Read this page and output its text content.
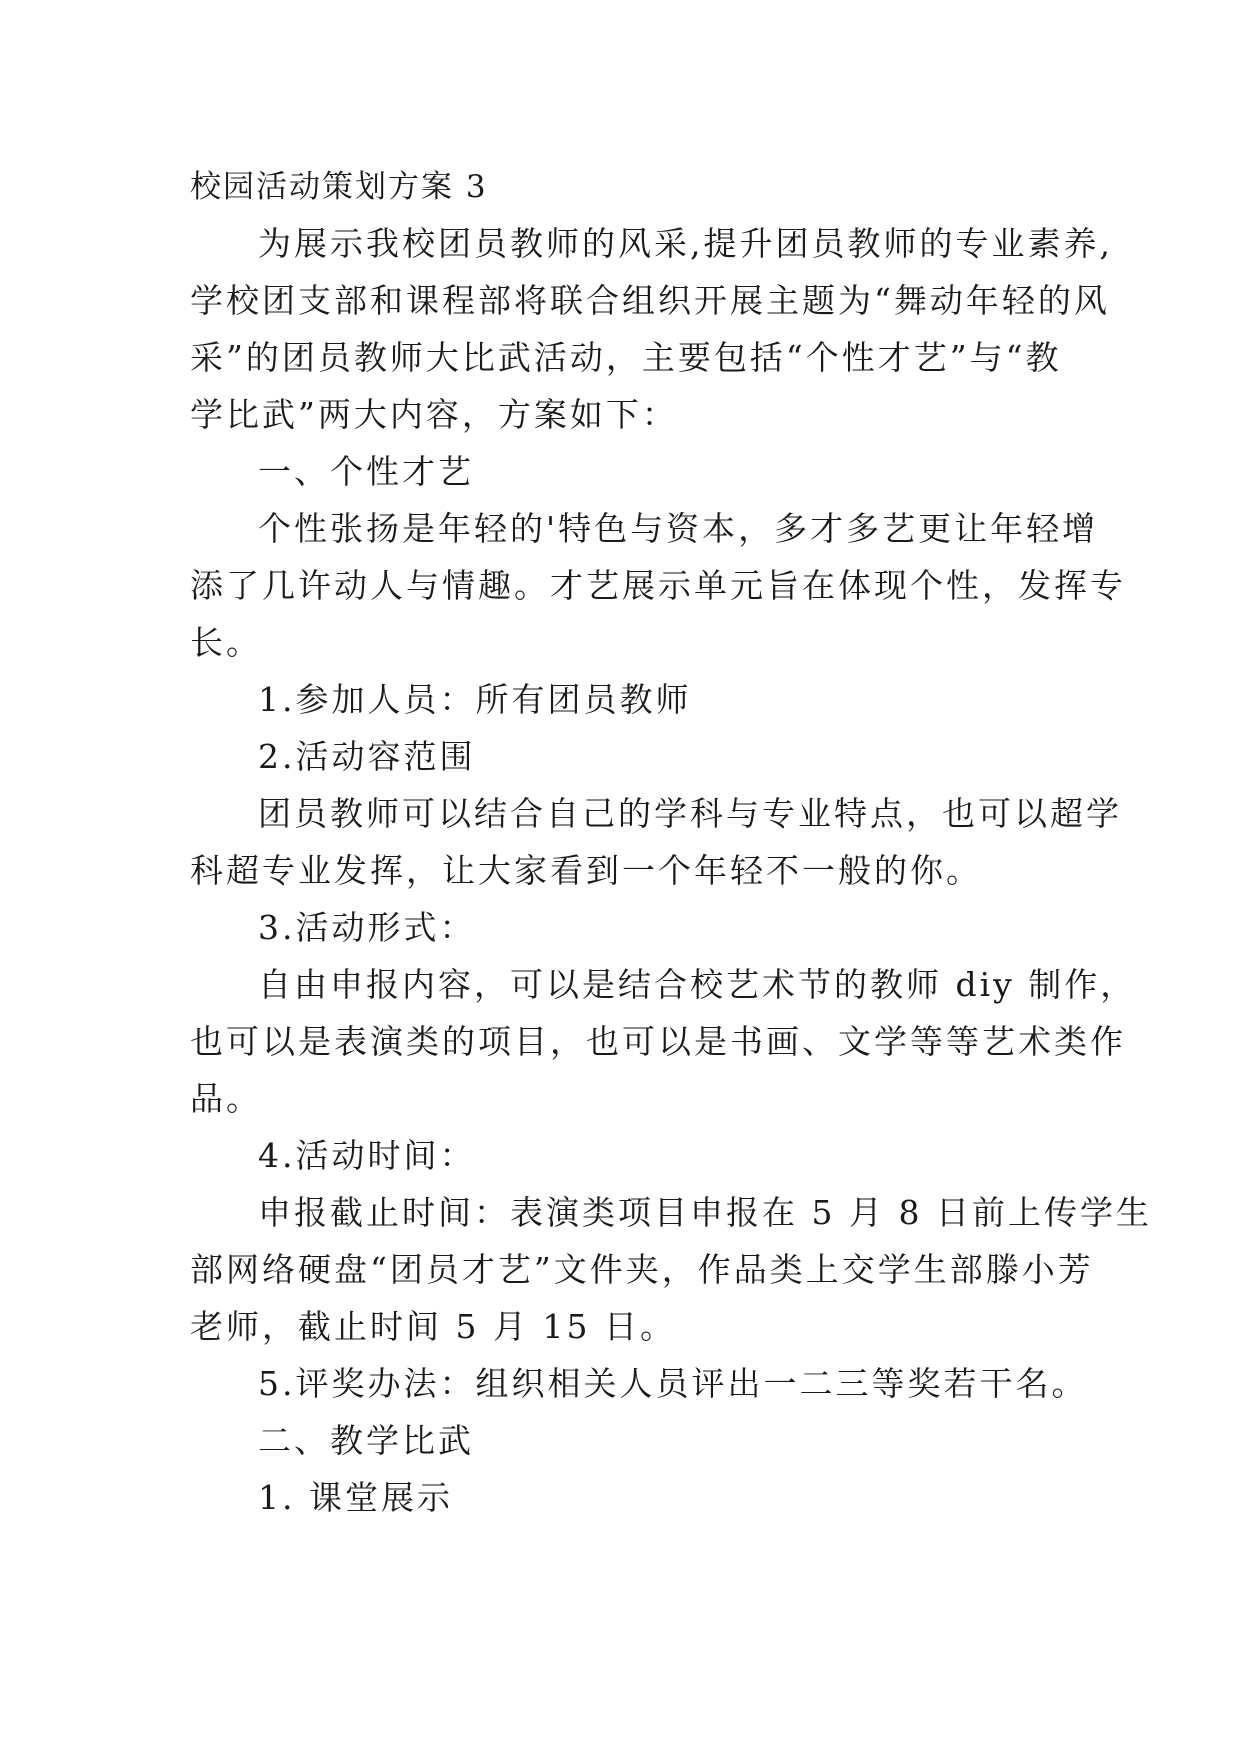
校园活动策划方案 3
为展示我校团员教师的风采,提升团员教师的专业素养,
学校团支部和课程部将联合组织开展主题为“舞动年轻的风
采”的团员教师大比武活动，主要包括“个性才艺”与“教
学比武”两大内容，方案如下：
一、个性才艺
个性张扬是年轻的'特色与资本，多才多艺更让年轻增
添了几许动人与情趣。才艺展示单元旨在体现个性，发挥专
长。
1.参加人员：所有团员教师
2.活动容范围
团员教师可以结合自己的学科与专业特点，也可以超学
科超专业发挥，让大家看到一个年轻不一般的你。
3.活动形式：
自由申报内容，可以是结合校艺术节的教师 diy 制作，
也可以是表演类的项目，也可以是书画、文学等等艺术类作
品。
4.活动时间：
申报截止时间：表演类项目申报在 5 月 8 日前上传学生
部网络硬盘“团员才艺”文件夹，作品类上交学生部滕小芳
老师，截止时间 5 月 15 日。
5.评奖办法：组织相关人员评出一二三等奖若干名。
二、教学比武
1. 课堂展示
